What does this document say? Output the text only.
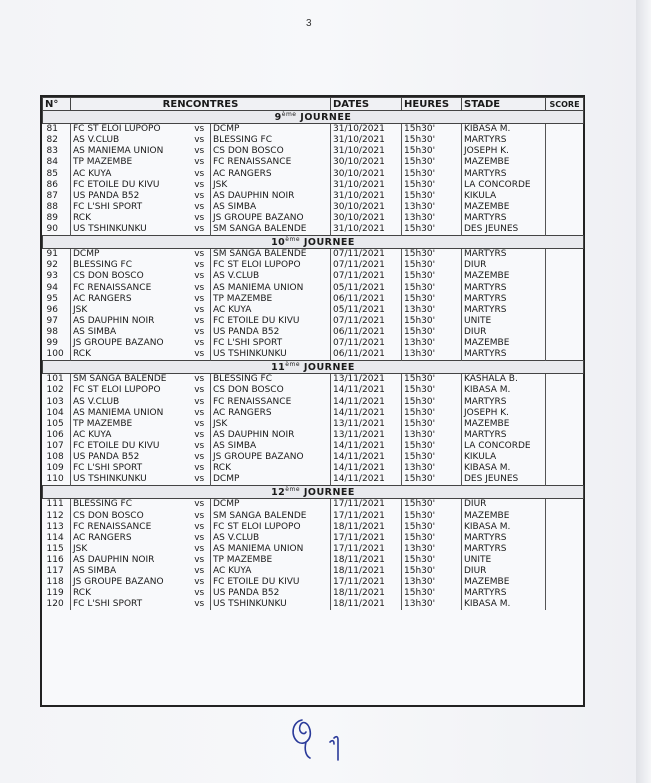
3
N°	RENCONTRES			DATES	HEURES	STADE	SCORE
9ème JOURNEE							
81	FC ST ELOI LUPOPO	vs	DCMP	31/10/2021	15h30'	KIBASA M.	
82	AS V.CLUB	vs	BLESSING FC	31/10/2021	15h30'	MARTYRS	
83	AS MANIEMA UNION	vs	CS DON BOSCO	31/10/2021	15h30'	JOSEPH K.	
84	TP MAZEMBE	vs	FC RENAISSANCE	30/10/2021	15h30'	MAZEMBE	
85	AC KUYA	vs	AC RANGERS	30/10/2021	15h30'	MARTYRS	
86	FC ETOILE DU KIVU	vs	JSK	31/10/2021	15h30'	LA CONCORDE	
87	US PANDA B52	vs	AS DAUPHIN NOIR	31/10/2021	15h30'	KIKULA	
88	FC L'SHI SPORT	vs	AS SIMBA	30/10/2021	13h30'	MAZEMBE	
89	RCK	vs	JS GROUPE BAZANO	30/10/2021	13h30'	MARTYRS	
90	US TSHINKUNKU	vs	SM SANGA BALENDE	31/10/2021	15h30'	DES JEUNES	
10ème JOURNEE							
91	DCMP	vs	SM SANGA BALENDE	07/11/2021	15h30'	MARTYRS	
92	BLESSING FC	vs	FC ST ELOI LUPOPO	07/11/2021	15h30'	DIUR	
93	CS DON BOSCO	vs	AS V.CLUB	07/11/2021	15h30'	MAZEMBE	
94	FC RENAISSANCE	vs	AS MANIEMA UNION	05/11/2021	15h30'	MARTYRS	
95	AC RANGERS	vs	TP MAZEMBE	06/11/2021	15h30'	MARTYRS	
96	JSK	vs	AC KUYA	05/11/2021	13h30'	MARTYRS	
97	AS DAUPHIN NOIR	vs	FC ETOILE DU KIVU	07/11/2021	15h30'	UNITE	
98	AS SIMBA	vs	US PANDA B52	06/11/2021	15h30'	DIUR	
99	JS GROUPE BAZANO	vs	FC L'SHI SPORT	07/11/2021	13h30'	MAZEMBE	
100	RCK	vs	US TSHINKUNKU	06/11/2021	13h30'	MARTYRS	
11ème JOURNEE							
101	SM SANGA BALENDE	vs	BLESSING FC	13/11/2021	15h30'	KASHALA B.	
102	FC ST ELOI LUPOPO	vs	CS DON BOSCO	14/11/2021	15h30'	KIBASA M.	
103	AS V.CLUB	vs	FC RENAISSANCE	14/11/2021	15h30'	MARTYRS	
104	AS MANIEMA UNION	vs	AC RANGERS	14/11/2021	15h30'	JOSEPH K.	
105	TP MAZEMBE	vs	JSK	13/11/2021	15h30'	MAZEMBE	
106	AC KUYA	vs	AS DAUPHIN NOIR	13/11/2021	13h30'	MARTYRS	
107	FC ETOILE DU KIVU	vs	AS SIMBA	14/11/2021	15h30'	LA CONCORDE	
108	US PANDA B52	vs	JS GROUPE BAZANO	14/11/2021	15h30'	KIKULA	
109	FC L'SHI SPORT	vs	RCK	14/11/2021	13h30'	KIBASA M.	
110	US TSHINKUNKU	vs	DCMP	14/11/2021	15h30'	DES JEUNES	
12ème JOURNEE							
111	BLESSING FC	vs	DCMP	17/11/2021	15h30'	DIUR	
112	CS DON BOSCO	vs	SM SANGA BALENDE	17/11/2021	15h30'	MAZEMBE	
113	FC RENAISSANCE	vs	FC ST ELOI LUPOPO	18/11/2021	15h30'	KIBASA M.	
114	AC RANGERS	vs	AS V.CLUB	17/11/2021	15h30'	MARTYRS	
115	JSK	vs	AS MANIEMA UNION	17/11/2021	13h30'	MARTYRS	
116	AS DAUPHIN NOIR	vs	TP MAZEMBE	18/11/2021	15h30'	UNITE	
117	AS SIMBA	vs	AC KUYA	18/11/2021	15h30'	DIUR	
118	JS GROUPE BAZANO	vs	FC ETOILE DU KIVU	17/11/2021	13h30'	MAZEMBE	
119	RCK	vs	US PANDA B52	18/11/2021	15h30'	MARTYRS	
120	FC L'SHI SPORT	vs	US TSHINKUNKU	18/11/2021	13h30'	KIBASA M.	
